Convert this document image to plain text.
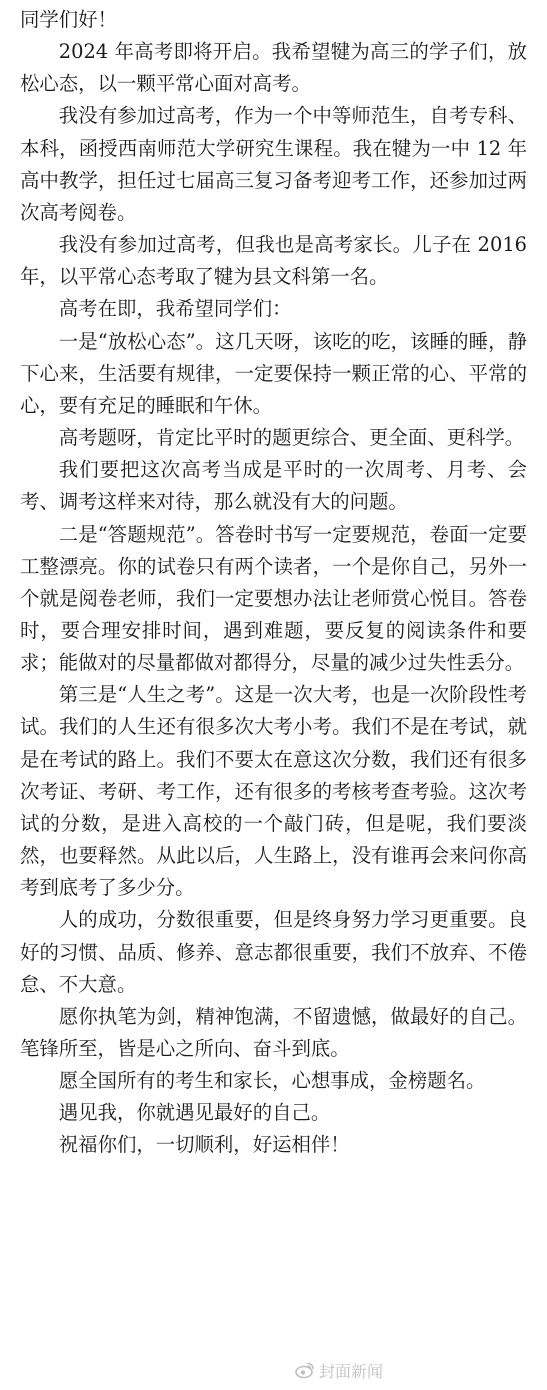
同学们好！

2024 年高考即将开启。我希望犍为高三的学子们，放松心态，以一颗平常心面对高考。

我没有参加过高考，作为一个中等师范生，自考专科、本科，函授西南师范大学研究生课程。我在犍为一中 12 年高中教学，担任过七届高三复习备考迎考工作，还参加过两次高考阅卷。

我没有参加过高考，但我也是高考家长。儿子在 2016 年，以平常心态考取了犍为县文科第一名。

高考在即，我希望同学们：

一是“放松心态”。这几天呀，该吃的吃，该睡的睡，静下心来，生活要有规律，一定要保持一颗正常的心、平常的心，要有充足的睡眠和午休。

高考题呀，肯定比平时的题更综合、更全面、更科学。

我们要把这次高考当成是平时的一次周考、月考、会考、调考这样来对待，那么就没有大的问题。

二是“答题规范”。答卷时书写一定要规范，卷面一定要工整漂亮。你的试卷只有两个读者，一个是你自己，另外一个就是阅卷老师，我们一定要想办法让老师赏心悦目。答卷时，要合理安排时间，遇到难题，要反复的阅读条件和要求；能做对的尽量都做对都得分，尽量的减少过失性丢分。

第三是“人生之考”。这是一次大考，也是一次阶段性考试。我们的人生还有很多次大考小考。我们不是在考试，就是在考试的路上。我们不要太在意这次分数，我们还有很多次考证、考研、考工作，还有很多的考核考查考验。这次考试的分数，是进入高校的一个敲门砖，但是呢，我们要淡然，也要释然。从此以后，人生路上，没有谁再会来问你高考到底考了多少分。

人的成功，分数很重要，但是终身努力学习更重要。良好的习惯、品质、修养、意志都很重要，我们不放弃、不倦怠、不大意。

愿你执笔为剑，精神饱满，不留遗憾，做最好的自己。笔锋所至，皆是心之所向、奋斗到底。

愿全国所有的考生和家长，心想事成，金榜题名。

遇见我，你就遇见最好的自己。

祝福你们，一切顺利，好运相伴！

封面新闻
